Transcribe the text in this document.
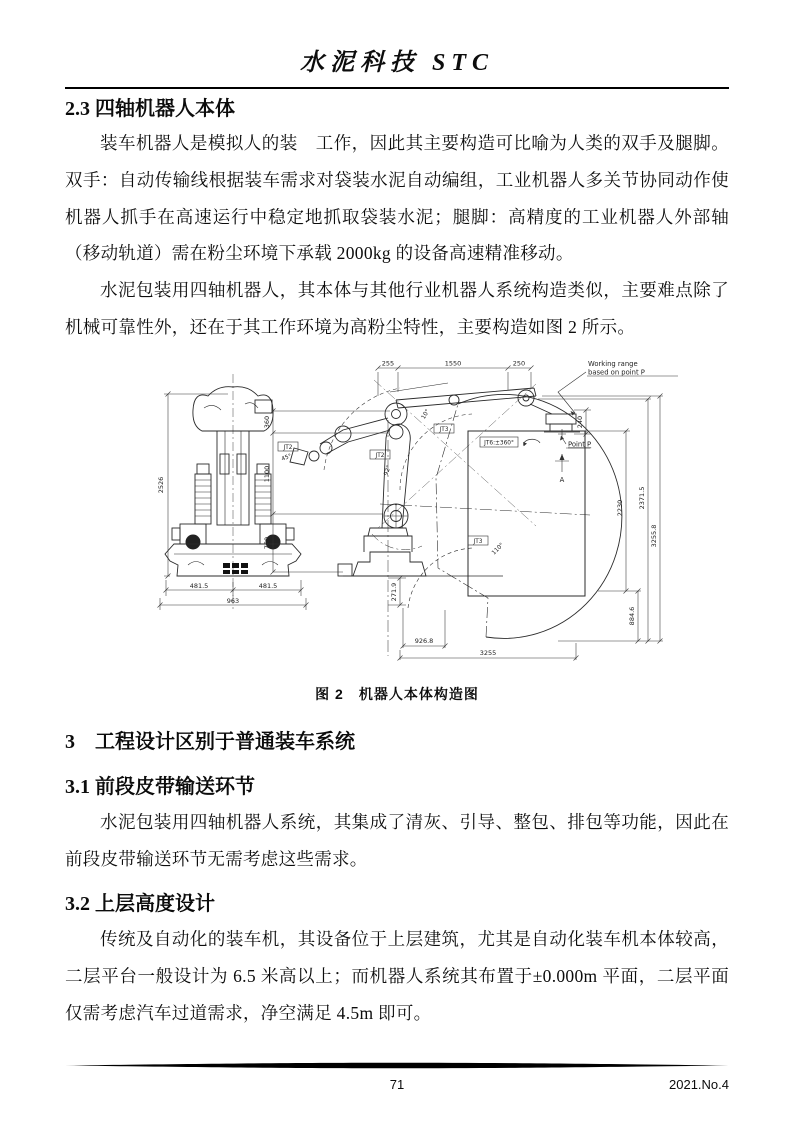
水泥科技 STC
2.3 四轴机器人本体

装车机器人是模拟人的装　工作，因此其主要构造可比喻为人类的双手及腿脚。双手：自动传输线根据装车需求对袋装水泥自动编组，工业机器人多关节协同动作使机器人抓手在高速运行中稳定地抓取袋装水泥；腿脚：高精度的工业机器人外部轴（移动轨道）需在粉尘环境下承载 2000kg 的设备高速精准移动。

水泥包装用四轴机器人，其本体与其他行业机器人系统构造类似，主要难点除了机械可靠性外，还在于其工作环境为高粉尘特性，主要构造如图 2 所示。

2526
481.5	481.5
963
255	1550	250
360
1100
750
240
2230
884.6
2371.5
3255.8
271.9
926.8
3255
Working range
based on point P
JT6:±360°	Point P
A
JT3
JT2
JT2
JT3
10°
45°
92°
110°
图 2　机器人本体构造图
3　工程设计区别于普通装车系统
3.1 前段皮带输送环节

水泥包装用四轴机器人系统，其集成了清灰、引导、整包、排包等功能，因此在前段皮带输送环节无需考虑这些需求。

3.2 上层高度设计

传统及自动化的装车机，其设备位于上层建筑，尤其是自动化装车机本体较高，二层平台一般设计为 6.5 米高以上；而机器人系统其布置于±0.000m 平面，二层平面仅需考虑汽车过道需求，净空满足 4.5m 即可。

71	2021.No.4
